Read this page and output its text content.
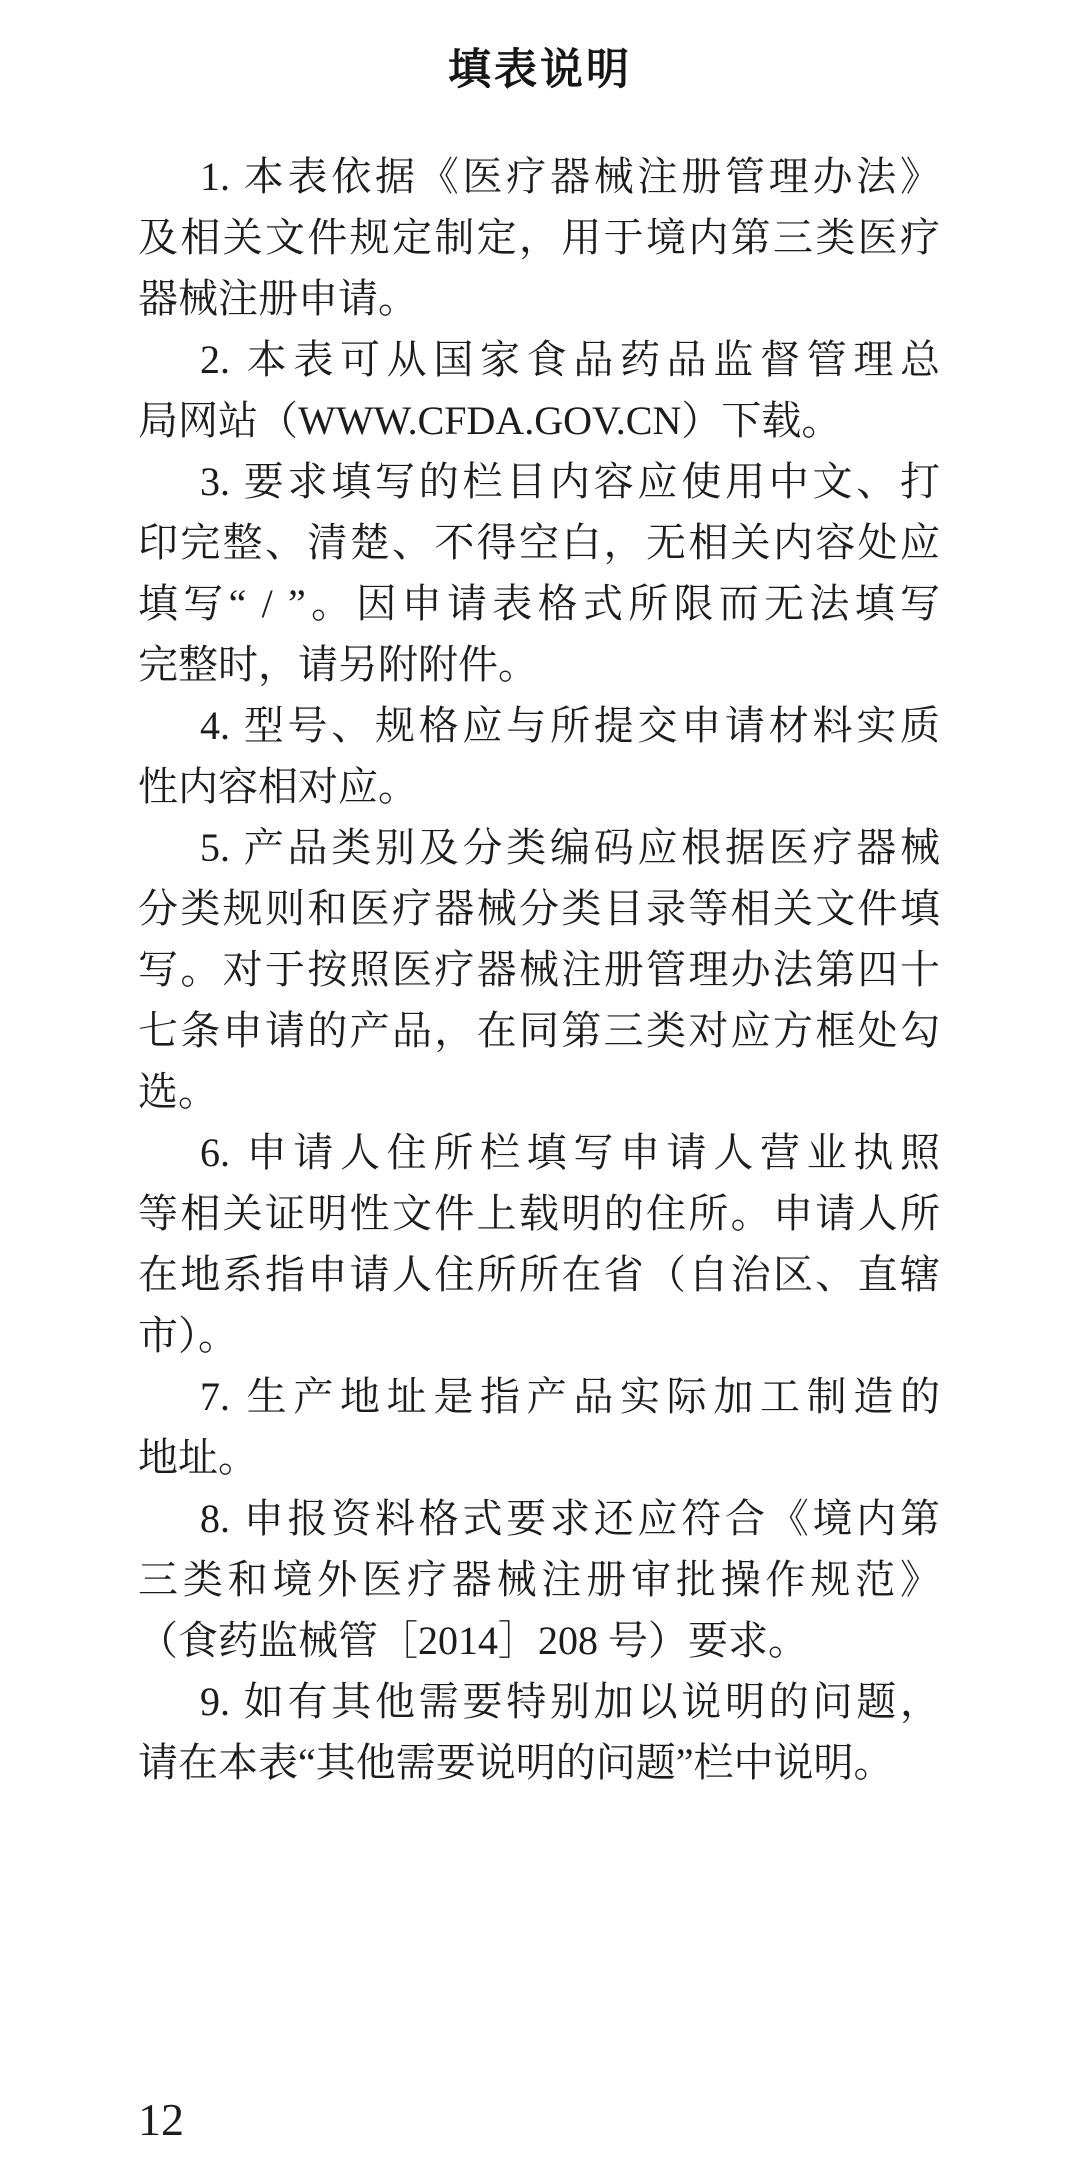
填表说明
1. 本表依据《医疗器械注册管理办法》
及相关文件规定制定，用于境内第三类医疗
器械注册申请。
2. 本表可从国家食品药品监督管理总
局网站（WWW.CFDA.GOV.CN）下载。
3. 要求填写的栏目内容应使用中文、打
印完整、清楚、不得空白，无相关内容处应
填写“ / ”。因申请表格式所限而无法填写
完整时，请另附附件。
4. 型号、规格应与所提交申请材料实质
性内容相对应。
5. 产品类别及分类编码应根据医疗器械
分类规则和医疗器械分类目录等相关文件填
写。对于按照医疗器械注册管理办法第四十
七条申请的产品，在同第三类对应方框处勾
选。
6. 申请人住所栏填写申请人营业执照
等相关证明性文件上载明的住所。申请人所
在地系指申请人住所所在省（自治区、直辖
市）。
7. 生产地址是指产品实际加工制造的
地址。
8. 申报资料格式要求还应符合《境内第
三类和境外医疗器械注册审批操作规范》
（食药监械管［2014］208 号）要求。
9. 如有其他需要特别加以说明的问题，
请在本表“其他需要说明的问题”栏中说明。
12
